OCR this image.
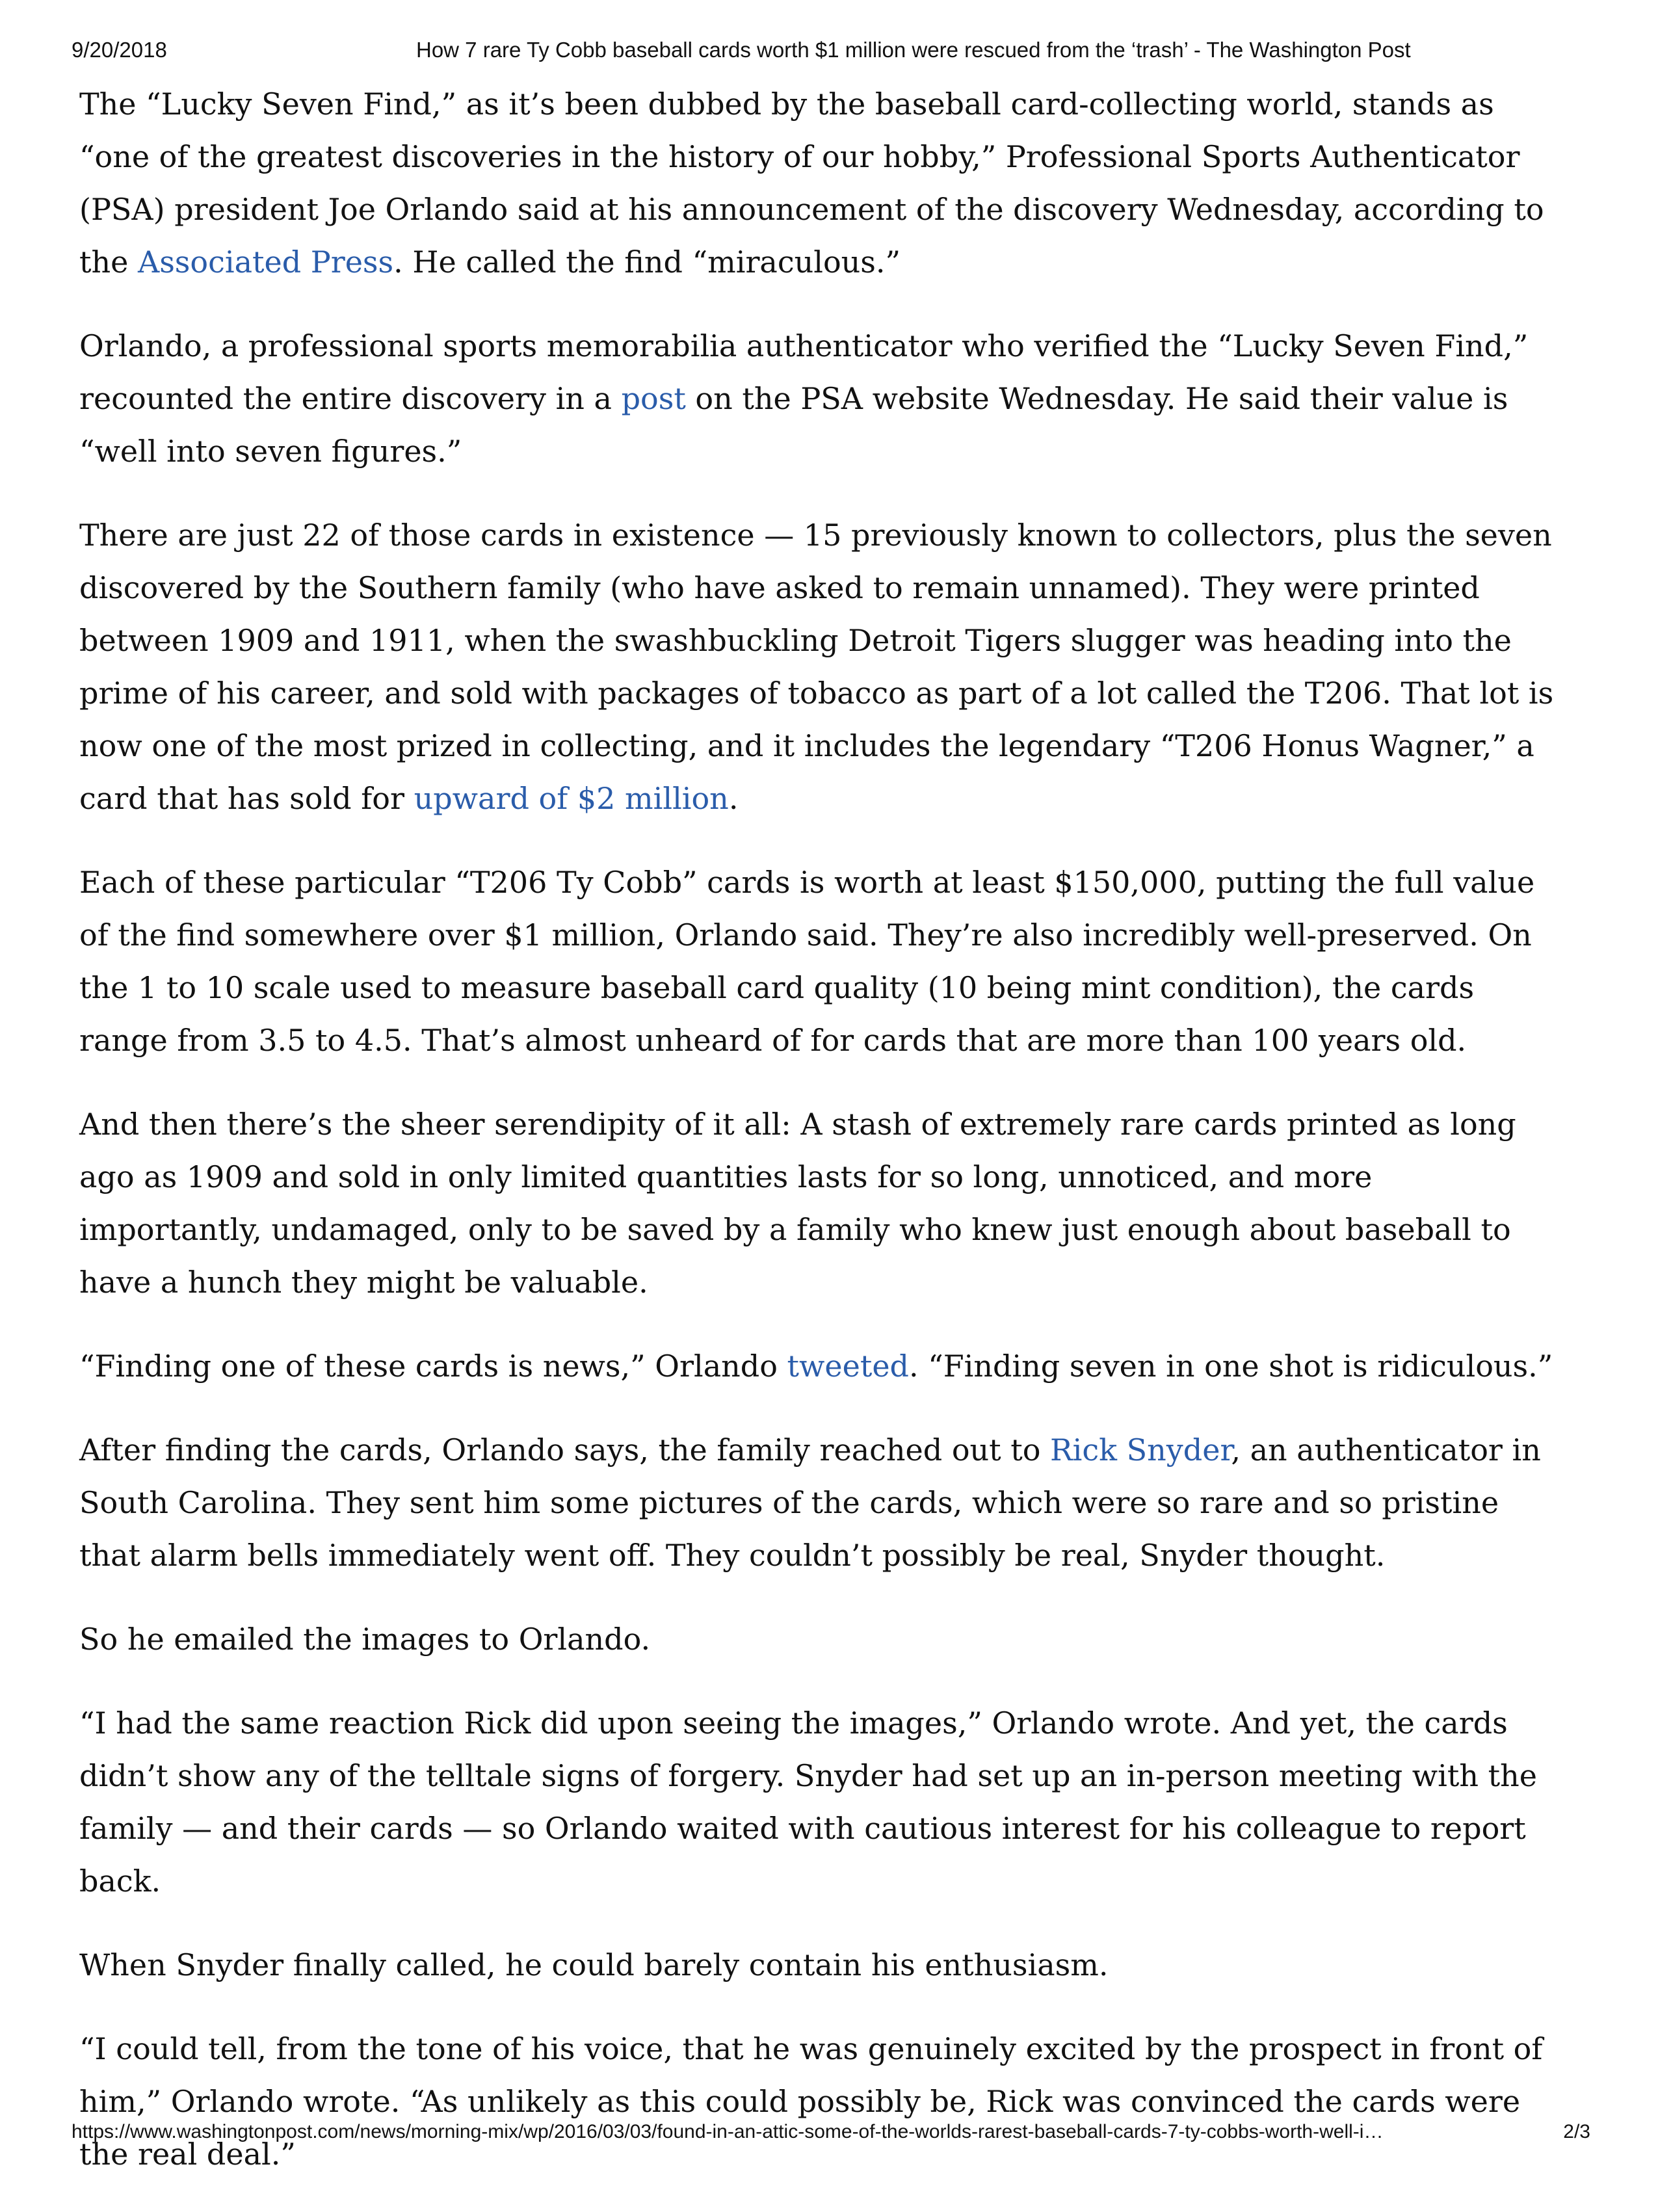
9/20/2018	How 7 rare Ty Cobb baseball cards worth $1 million were rescued from the ‘trash’ - The Washington Post

The “Lucky Seven Find,” as it’s been dubbed by the baseball card-collecting world, stands as “one of the greatest discoveries in the history of our hobby,” Professional Sports Authenticator (PSA) president Joe Orlando said at his announcement of the discovery Wednesday, according to the Associated Press. He called the find “miraculous.”

Orlando, a professional sports memorabilia authenticator who verified the “Lucky Seven Find,” recounted the entire discovery in a post on the PSA website Wednesday. He said their value is “well into seven figures.”

There are just 22 of those cards in existence — 15 previously known to collectors, plus the seven discovered by the Southern family (who have asked to remain unnamed). They were printed between 1909 and 1911, when the swashbuckling Detroit Tigers slugger was heading into the prime of his career, and sold with packages of tobacco as part of a lot called the T206. That lot is now one of the most prized in collecting, and it includes the legendary “T206 Honus Wagner,” a card that has sold for upward of $2 million.

Each of these particular “T206 Ty Cobb” cards is worth at least $150,000, putting the full value of the find somewhere over $1 million, Orlando said. They’re also incredibly well-preserved. On the 1 to 10 scale used to measure baseball card quality (10 being mint condition), the cards range from 3.5 to 4.5. That’s almost unheard of for cards that are more than 100 years old.

And then there’s the sheer serendipity of it all: A stash of extremely rare cards printed as long ago as 1909 and sold in only limited quantities lasts for so long, unnoticed, and more importantly, undamaged, only to be saved by a family who knew just enough about baseball to have a hunch they might be valuable.

“Finding one of these cards is news,” Orlando tweeted. “Finding seven in one shot is ridiculous.”

After finding the cards, Orlando says, the family reached out to Rick Snyder, an authenticator in South Carolina. They sent him some pictures of the cards, which were so rare and so pristine that alarm bells immediately went off. They couldn’t possibly be real, Snyder thought.

So he emailed the images to Orlando.

“I had the same reaction Rick did upon seeing the images,” Orlando wrote. And yet, the cards didn’t show any of the telltale signs of forgery. Snyder had set up an in-person meeting with the family — and their cards — so Orlando waited with cautious interest for his colleague to report back.

When Snyder finally called, he could barely contain his enthusiasm.

“I could tell, from the tone of his voice, that he was genuinely excited by the prospect in front of him,” Orlando wrote. “As unlikely as this could possibly be, Rick was convinced the cards were the real deal.”

https://www.washingtonpost.com/news/morning-mix/wp/2016/03/03/found-in-an-attic-some-of-the-worlds-rarest-baseball-cards-7-ty-cobbs-worth-well-i…	2/3
